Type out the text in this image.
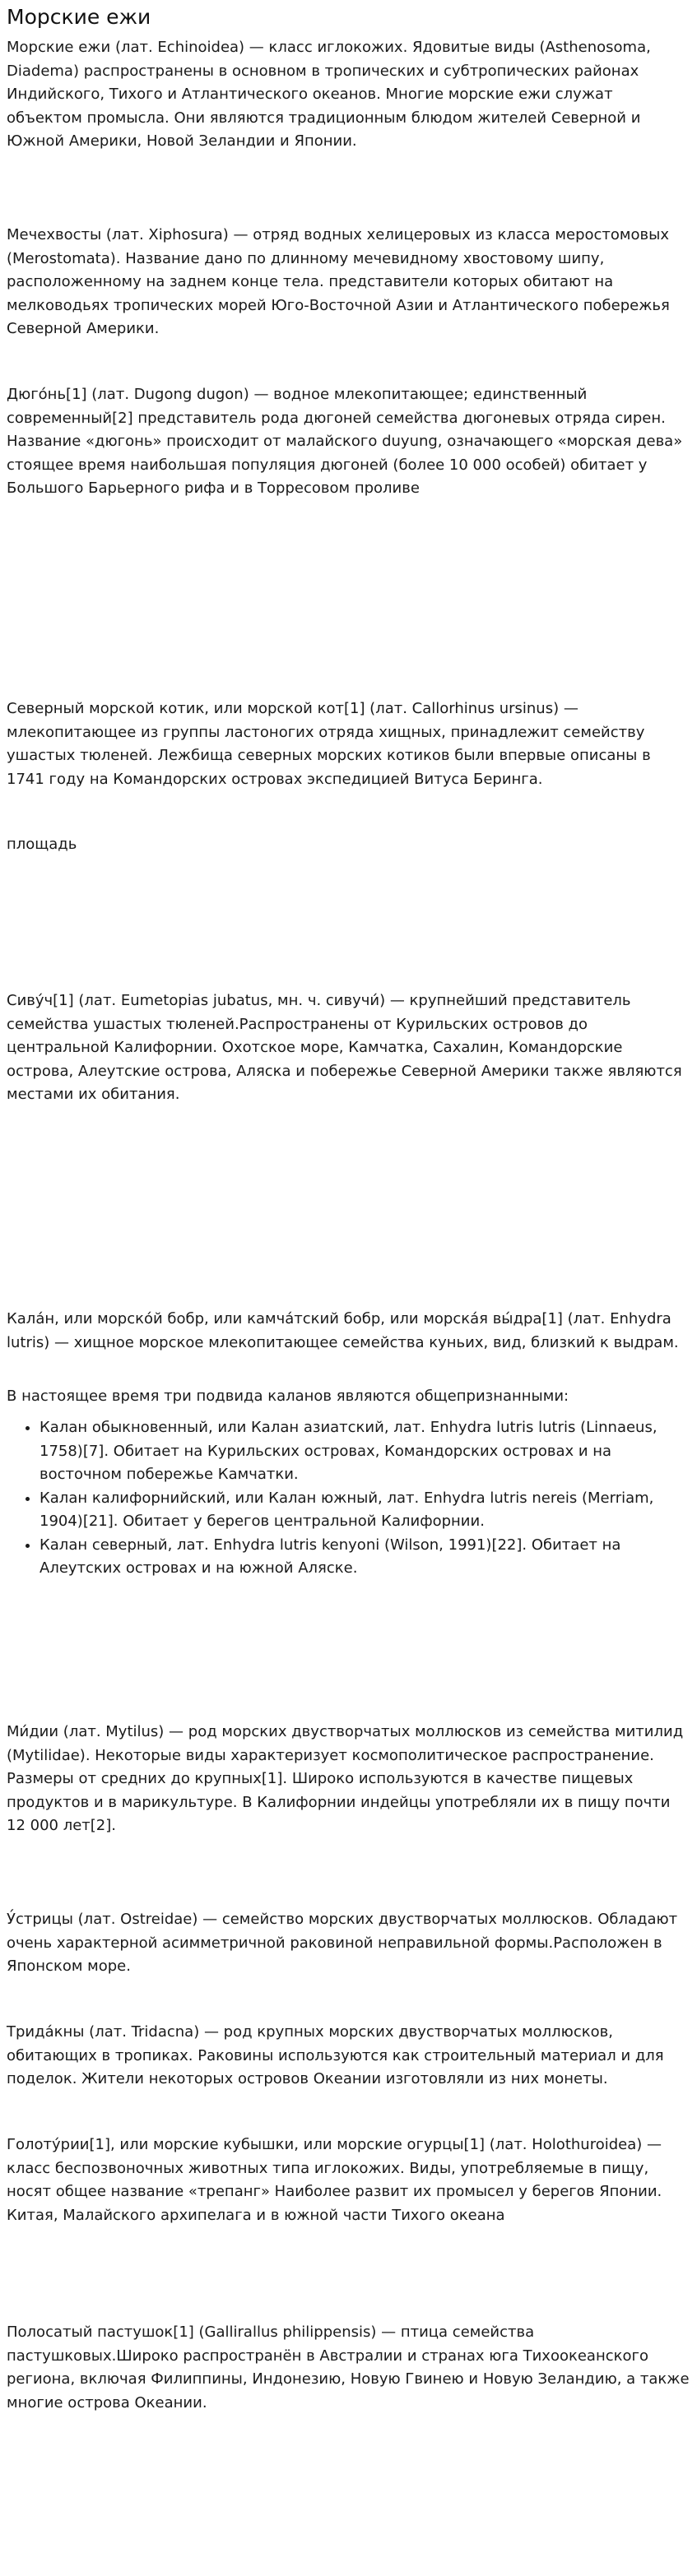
Морские ежи

Морские ежи (лат. Echinoidea) — класс иглокожих. Ядовитые виды (Asthenosoma, Diadema) распространены в основном в тропических и субтропических районах Индийского, Тихого и Атлантического океанов. Многие морские ежи служат объектом промысла. Они являются традиционным блюдом жителей Северной и Южной Америки, Новой Зеландии и Японии.

Мечехвосты (лат. Xiphosura) — отряд водных хелицеровых из класса меростомовых (Merostomata). Название дано по длинному мечевидному хвостовому шипу, расположенному на заднем конце тела. представители которых обитают на мелководьях тропических морей Юго-Восточной Азии и Атлантического побережья Северной Америки.

Дюго́нь[1] (лат. Dugong dugon) — водное млекопитающее; единственный современный[2] представитель рода дюгоней семейства дюгоневых отряда сирен. Название «дюгонь» происходит от малайского duyung, означающего «морская дева» стоящее время наибольшая популяция дюгоней (более 10 000 особей) обитает у Большого Барьерного рифа и в Торресовом проливе

Северный морской котик, или морской кот[1] (лат. Callorhinus ursinus) — млекопитающее из группы ластоногих отряда хищных, принадлежит семейству ушастых тюленей. Лежбища северных морских котиков были впервые описаны в 1741 году на Командорских островах экспедицией Витуса Беринга.

площадь

Сиву́ч[1] (лат. Eumetopias jubatus, мн. ч. сивучи́) — крупнейший представитель семейства ушастых тюленей.Распространены от Курильских островов до центральной Калифорнии. Охотское море, Камчатка, Сахалин, Командорские острова, Алеутские острова, Аляска и побережье Северной Америки также являются местами их обитания.

Кала́н, или морско́й бобр, или камча́тский бобр, или морска́я вы́дра[1] (лат. Enhydra lutris) — хищное морское млекопитающее семейства куньих, вид, близкий к выдрам.

В настоящее время три подвида каланов являются общепризнанными:

• Калан обыкновенный, или Калан азиатский, лат. Enhydra lutris lutris (Linnaeus, 1758)[7]. Обитает на Курильских островах, Командорских островах и на восточном побережье Камчатки.
• Калан калифорнийский, или Калан южный, лат. Enhydra lutris nereis (Merriam, 1904)[21]. Обитает у берегов центральной Калифорнии.
• Калан северный, лат. Enhydra lutris kenyoni (Wilson, 1991)[22]. Обитает на Алеутских островах и на южной Аляске.

Ми́дии (лат. Mytilus) — род морских двустворчатых моллюсков из семейства митилид (Mytilidae). Некоторые виды характеризует космополитическое распространение. Размеры от средних до крупных[1]. Широко используются в качестве пищевых продуктов и в марикультуре. В Калифорнии индейцы употребляли их в пищу почти 12 000 лет[2].

У́стрицы (лат. Ostreidae) — семейство морских двустворчатых моллюсков. Обладают очень характерной асимметричной раковиной неправильной формы.Расположен в Японском море.

Трида́кны (лат. Tridacna) — род крупных морских двустворчатых моллюсков, обитающих в тропиках. Раковины используются как строительный материал и для поделок. Жители некоторых островов Океании изготовляли из них монеты.

Голоту́рии[1], или морские кубышки, или морские огурцы[1] (лат. Holothuroidea) — класс беспозвоночных животных типа иглокожих. Виды, употребляемые в пищу, носят общее название «трепанг» Наиболее развит их промысел у берегов Японии. Китая, Малайского архипелага и в южной части Тихого океана

Полосатый пастушок[1] (Gallirallus philippensis) — птица семейства пастушковых.Широко распространён в Австралии и странах юга Тихоокеанского региона, включая Филиппины, Индонезию, Новую Гвинею и Новую Зеландию, а также многие острова Океании.
